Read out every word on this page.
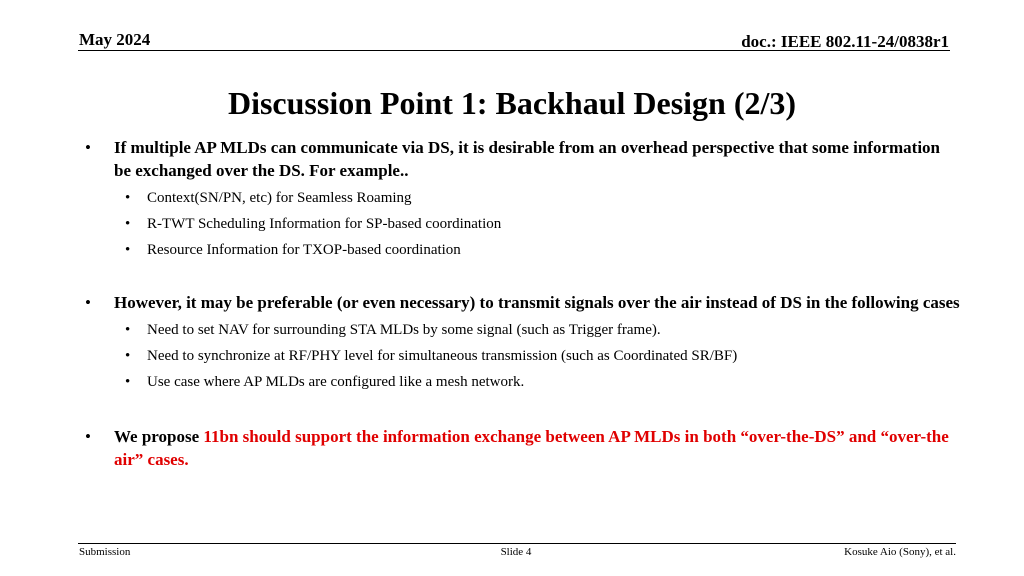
May 2024	doc.: IEEE 802.11-24/0838r1
Discussion Point 1: Backhaul Design (2/3)
• If multiple AP MLDs can communicate via DS, it is desirable from an overhead perspective that some information be exchanged over the DS. For example..
• Context(SN/PN, etc) for Seamless Roaming
• R-TWT Scheduling Information for SP-based coordination
• Resource Information for TXOP-based coordination
• However, it may be preferable (or even necessary) to transmit signals over the air instead of DS in the following cases
• Need to set NAV for surrounding STA MLDs by some signal (such as Trigger frame).
• Need to synchronize at RF/PHY level for simultaneous transmission (such as Coordinated SR/BF)
• Use case where AP MLDs are configured like a mesh network.
• We propose 11bn should support the information exchange between AP MLDs in both “over-the-DS” and “over-the air” cases.
Submission	Slide 4	Kosuke Aio (Sony), et al.
